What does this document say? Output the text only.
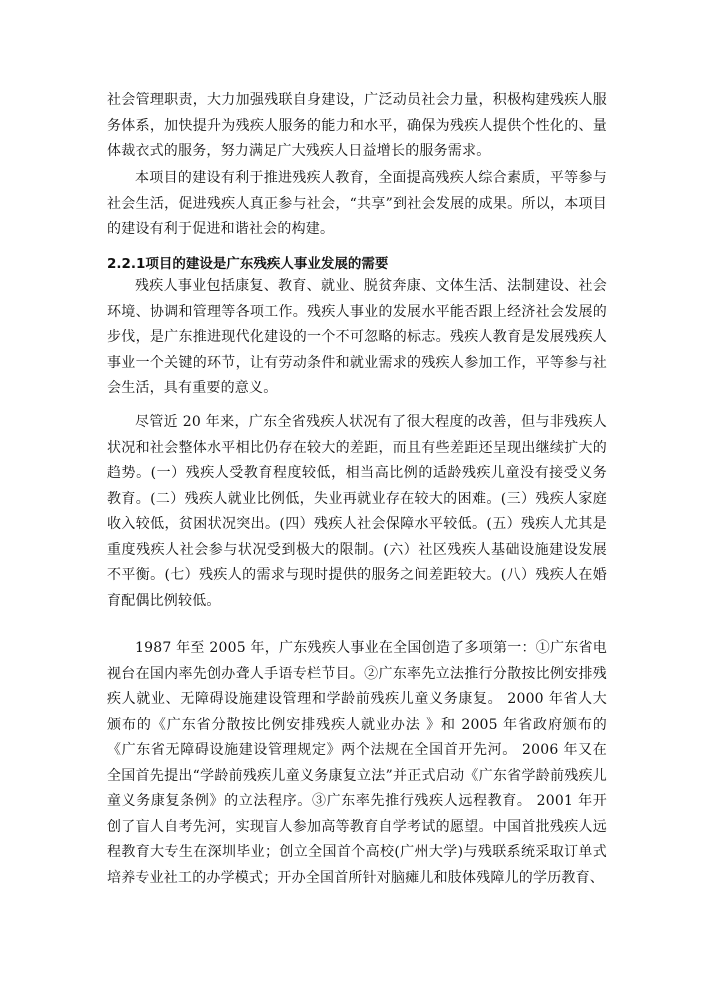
社会管理职责，大力加强残联自身建设，广泛动员社会力量，积极构建残疾人服务体系，加快提升为残疾人服务的能力和水平，确保为残疾人提供个性化的、量体裁衣式的服务，努力满足广大残疾人日益增长的服务需求。

本项目的建设有利于推进残疾人教育，全面提高残疾人综合素质，平等参与社会生活，促进残疾人真正参与社会，“共享”到社会发展的成果。所以，本项目的建设有利于促进和谐社会的构建。

2.2.1项目的建设是广东残疾人事业发展的需要

残疾人事业包括康复、教育、就业、脱贫奔康、文体生活、法制建设、社会环境、协调和管理等各项工作。残疾人事业的发展水平能否跟上经济社会发展的步伐，是广东推进现代化建设的一个不可忽略的标志。残疾人教育是发展残疾人事业一个关键的环节，让有劳动条件和就业需求的残疾人参加工作，平等参与社会生活，具有重要的意义。

尽管近 20 年来，广东全省残疾人状况有了很大程度的改善，但与非残疾人状况和社会整体水平相比仍存在较大的差距，而且有些差距还呈现出继续扩大的趋势。(一）残疾人受教育程度较低，相当高比例的适龄残疾儿童没有接受义务教育。(二）残疾人就业比例低，失业再就业存在较大的困难。(三）残疾人家庭收入较低，贫困状况突出。(四）残疾人社会保障水平较低。(五）残疾人尤其是重度残疾人社会参与状况受到极大的限制。(六）社区残疾人基础设施建设发展不平衡。(七）残疾人的需求与现时提供的服务之间差距较大。(八）残疾人在婚育配偶比例较低。

1987 年至 2005 年，广东残疾人事业在全国创造了多项第一：①广东省电视台在国内率先创办聋人手语专栏节目。②广东率先立法推行分散按比例安排残疾人就业、无障碍设施建设管理和学龄前残疾儿童义务康复。 2000 年省人大颁布的《广东省分散按比例安排残疾人就业办法 》和 2005 年省政府颁布的《广东省无障碍设施建设管理规定》两个法规在全国首开先河。 2006 年又在全国首先提出“学龄前残疾儿童义务康复立法”并正式启动《广东省学龄前残疾儿童义务康复条例》的立法程序。③广东率先推行残疾人远程教育。 2001 年开创了盲人自考先河，实现盲人参加高等教育自学考试的愿望。中国首批残疾人远程教育大专生在深圳毕业；创立全国首个高校(广州大学)与残联系统采取订单式培养专业社工的办学模式；开办全国首所针对脑瘫儿和肢体残障儿的学历教育、
